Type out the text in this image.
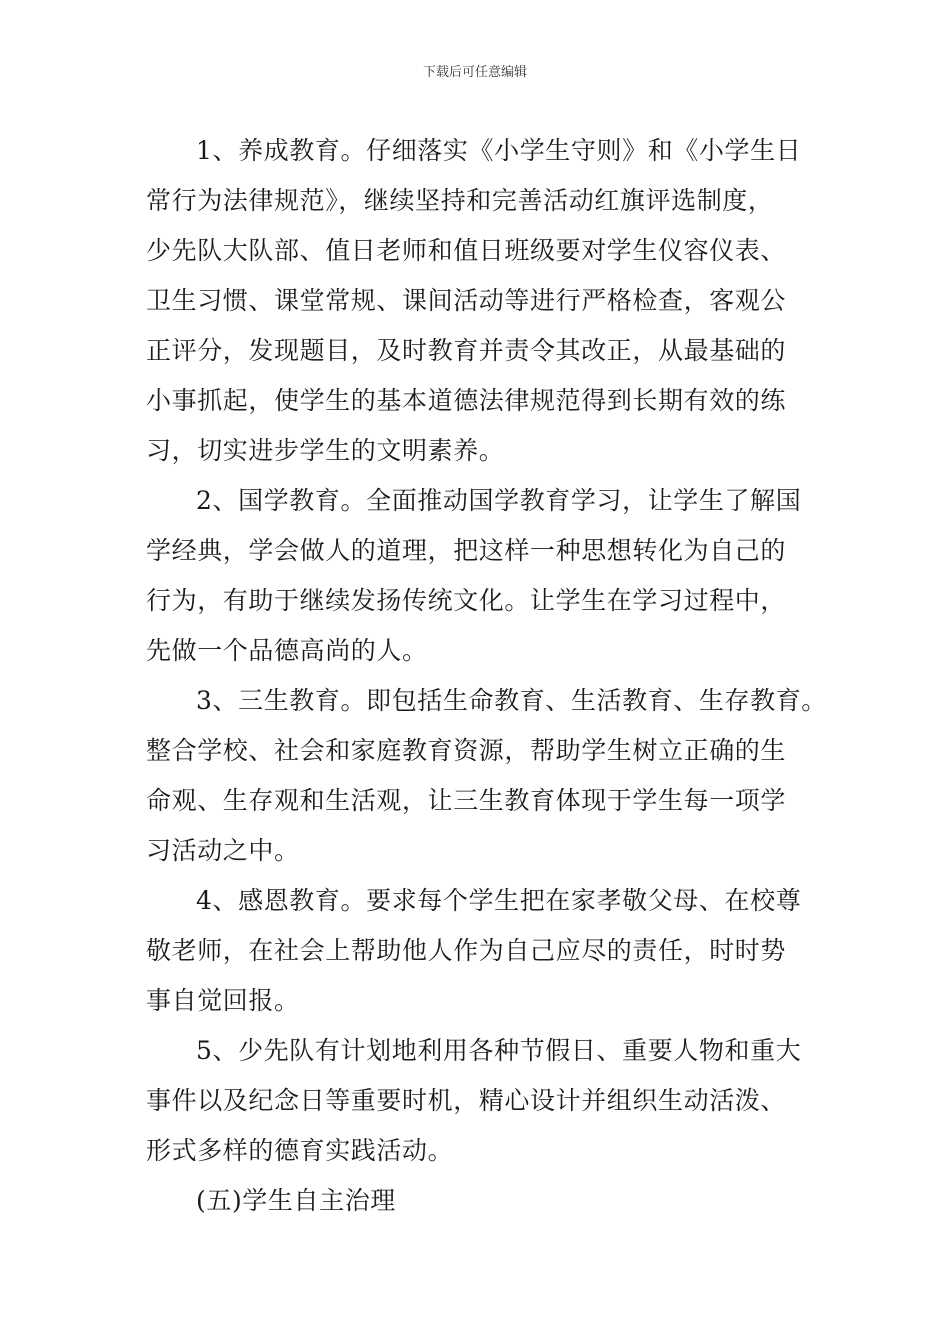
下载后可任意编辑
1、养成教育。仔细落实《小学生守则》和《小学生日
常行为法律规范》，继续坚持和完善活动红旗评选制度，
少先队大队部、值日老师和值日班级要对学生仪容仪表、
卫生习惯、课堂常规、课间活动等进行严格检查，客观公
正评分，发现题目，及时教育并责令其改正，从最基础的
小事抓起，使学生的基本道德法律规范得到长期有效的练
习，切实进步学生的文明素养。
2、国学教育。全面推动国学教育学习，让学生了解国
学经典，学会做人的道理，把这样一种思想转化为自己的
行为，有助于继续发扬传统文化。让学生在学习过程中，
先做一个品德高尚的人。
3、三生教育。即包括生命教育、生活教育、生存教育。
整合学校、社会和家庭教育资源，帮助学生树立正确的生
命观、生存观和生活观，让三生教育体现于学生每一项学
习活动之中。
4、感恩教育。要求每个学生把在家孝敬父母、在校尊
敬老师，在社会上帮助他人作为自己应尽的责任，时时势
事自觉回报。
5、少先队有计划地利用各种节假日、重要人物和重大
事件以及纪念日等重要时机，精心设计并组织生动活泼、
形式多样的德育实践活动。
(五)学生自主治理
